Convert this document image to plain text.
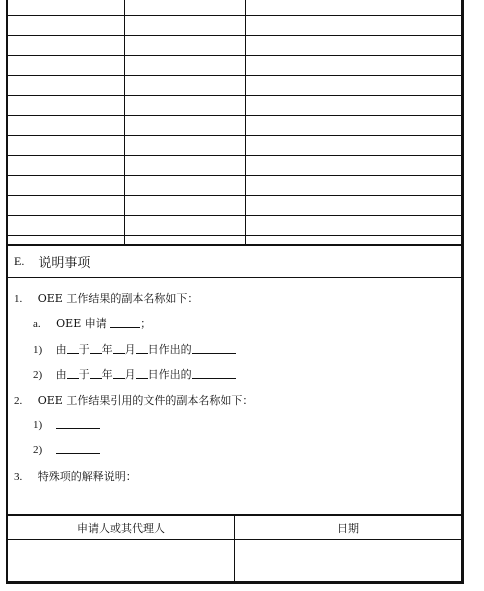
E. 说明事项
1. OEE 工作结果的副本名称如下：
a. OEE 申请	；
1) 由 于 年 月 日作出的
2) 由 于 年 月 日作出的
2. OEE 工作结果引用的文件的副本名称如下：
1)
2)
3. 特殊项的解释说明：
申请人或其代理人	日期
